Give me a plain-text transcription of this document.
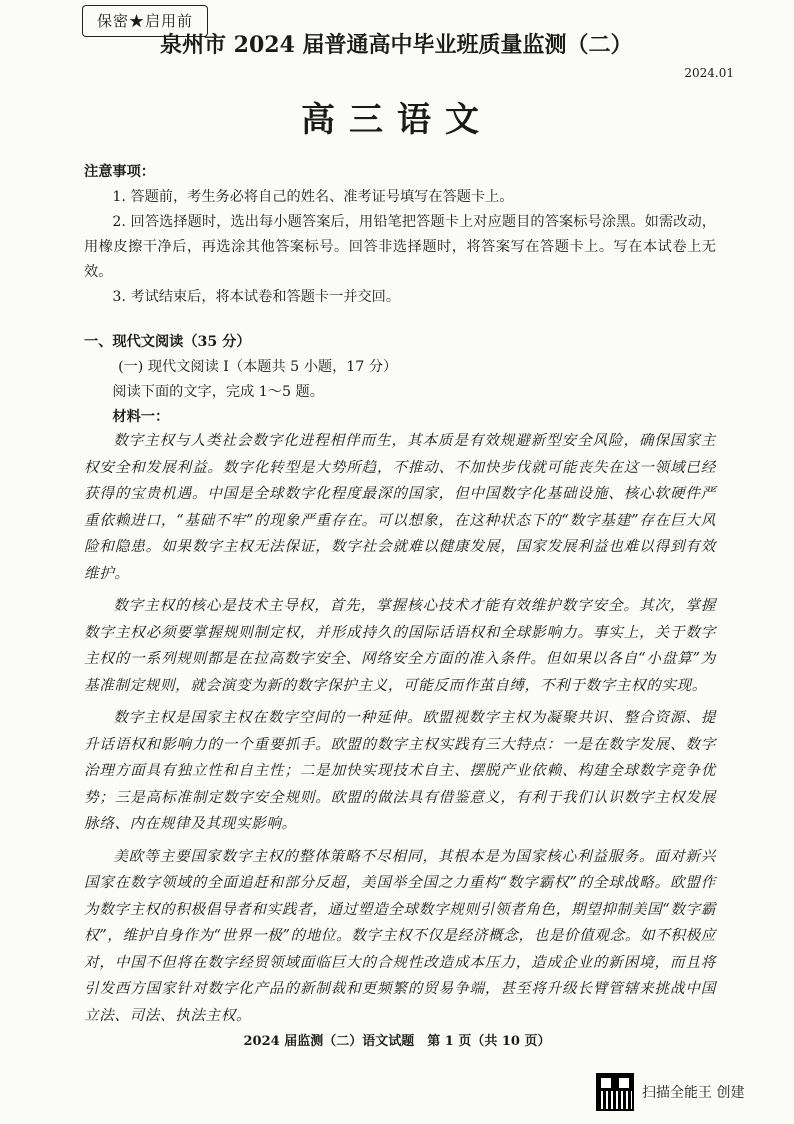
保密★启用前
泉州市 2024 届普通高中毕业班质量监测（二）
2024.01
高三语文

注意事项：

1. 答题前，考生务必将自己的姓名、准考证号填写在答题卡上。

2. 回答选择题时，选出每小题答案后，用铅笔把答题卡上对应题目的答案标号涂黑。如需改动，用橡皮擦干净后，再选涂其他答案标号。回答非选择题时，将答案写在答题卡上。写在本试卷上无效。

3. 考试结束后，将本试卷和答题卡一并交回。

一、现代文阅读（35 分）

(一) 现代文阅读 I（本题共 5 小题，17 分）

阅读下面的文字，完成 1～5 题。

材料一：

数字主权与人类社会数字化进程相伴而生，其本质是有效规避新型安全风险，确保国家主权安全和发展利益。数字化转型是大势所趋，不推动、不加快步伐就可能丧失在这一领域已经获得的宝贵机遇。中国是全球数字化程度最深的国家，但中国数字化基础设施、核心软硬件严重依赖进口，“基础不牢”的现象严重存在。可以想象，在这种状态下的“数字基建”存在巨大风险和隐患。如果数字主权无法保证，数字社会就难以健康发展，国家发展利益也难以得到有效维护。

数字主权的核心是技术主导权，首先，掌握核心技术才能有效维护数字安全。其次，掌握数字主权必须要掌握规则制定权，并形成持久的国际话语权和全球影响力。事实上，关于数字主权的一系列规则都是在拉高数字安全、网络安全方面的准入条件。但如果以各自“小盘算”为基准制定规则，就会演变为新的数字保护主义，可能反而作茧自缚，不利于数字主权的实现。

数字主权是国家主权在数字空间的一种延伸。欧盟视数字主权为凝聚共识、整合资源、提升话语权和影响力的一个重要抓手。欧盟的数字主权实践有三大特点：一是在数字发展、数字治理方面具有独立性和自主性；二是加快实现技术自主、摆脱产业依赖、构建全球数字竞争优势；三是高标准制定数字安全规则。欧盟的做法具有借鉴意义，有利于我们认识数字主权发展脉络、内在规律及其现实影响。

美欧等主要国家数字主权的整体策略不尽相同，其根本是为国家核心利益服务。面对新兴国家在数字领域的全面追赶和部分反超，美国举全国之力重构“数字霸权”的全球战略。欧盟作为数字主权的积极倡导者和实践者，通过塑造全球数字规则引领者角色，期望抑制美国“数字霸权”，维护自身作为“世界一极”的地位。数字主权不仅是经济概念，也是价值观念。如不积极应对，中国不但将在数字经贸领域面临巨大的合规性改造成本压力，造成企业的新困境，而且将引发西方国家针对数字化产品的新制裁和更频繁的贸易争端，甚至将升级长臂管辖来挑战中国立法、司法、执法主权。

2024 届监测（二）语文试题　第 1 页（共 10 页）
扫描全能王 创建
